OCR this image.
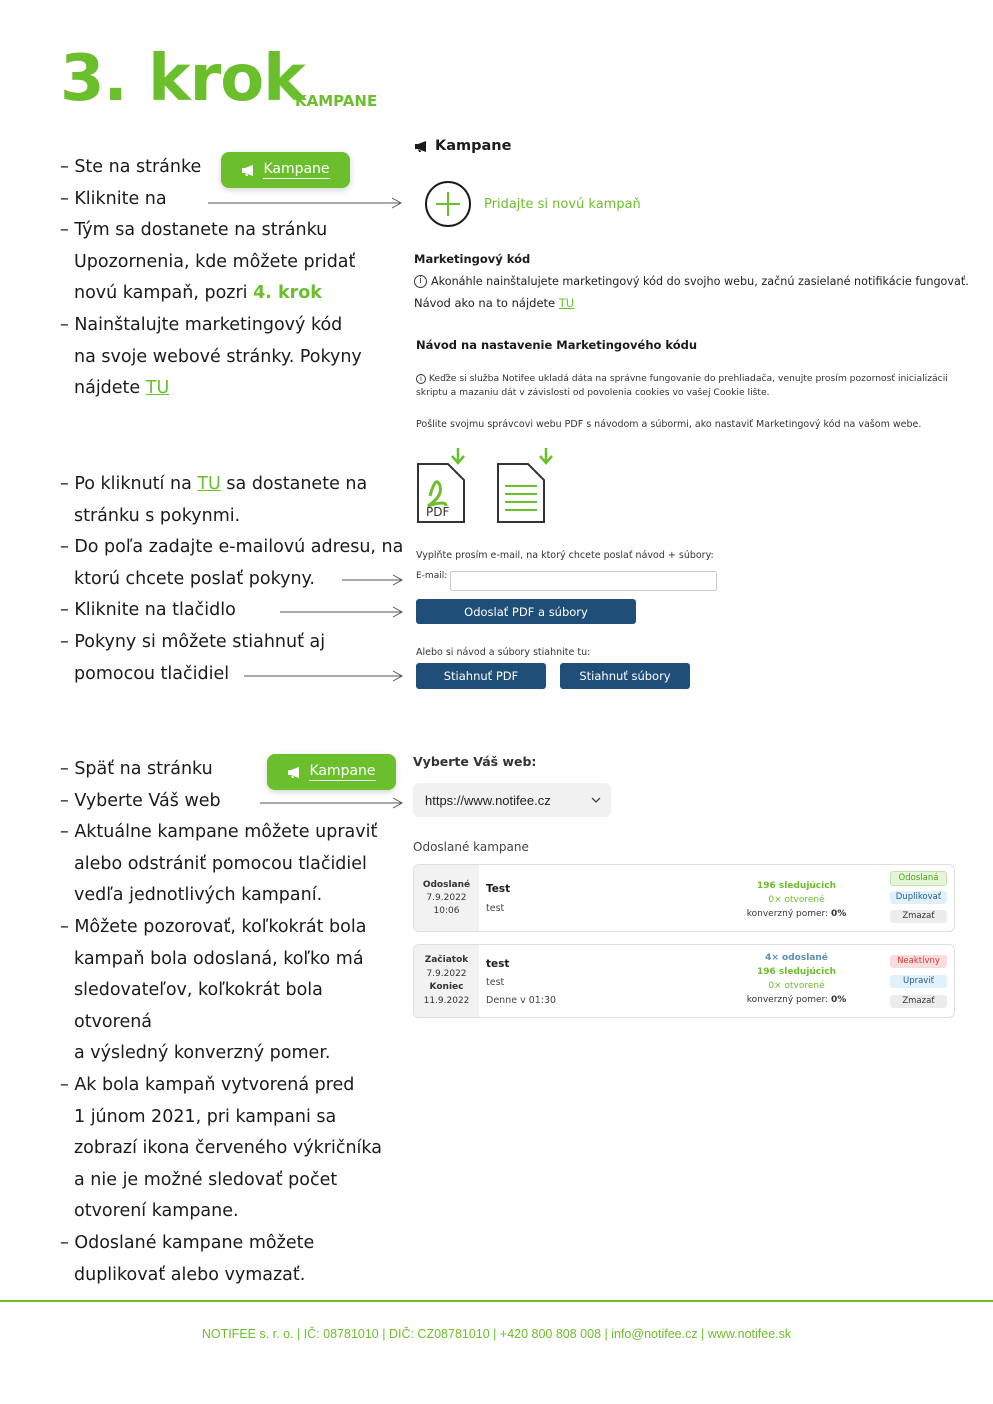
3. krok
KAMPANE
– Ste na stránke
– Kliknite na
– Tým sa dostanete na stránku
Upozornenia, kde môžete pridať
novú kampaň, pozri 4. krok
– Nainštalujte marketingový kód
na svoje webové stránky. Pokyny
nájdete TU
Kampane
Kampane
Pridajte si novú kampaň
Marketingový kód
i Akonáhle nainštalujete marketingový kód do svojho webu, začnú zasielané notifikácie fungovať.
Návod ako na to nájdete TU
– Po kliknutí na TU sa dostanete na
stránku s pokynmi.
– Do poľa zadajte e-mailovú adresu, na
ktorú chcete poslať pokyny.
– Kliknite na tlačidlo
– Pokyny si môžete stiahnuť aj
pomocou tlačidiel
Návod na nastavenie Marketingového kódu
i Keďže si služba Notifee ukladá dáta na správne fungovanie do prehliadača, venujte prosím pozornosť inicializácii
skriptu a mazaniu dát v závislosti od povolenia cookies vo vašej Cookie lište.
Pošlite svojmu správcovi webu PDF s návodom a súbormi, ako nastaviť Marketingový kód na vašom webe.
PDF
Vyplňte prosím e-mail, na ktorý chcete poslať návod + súbory:
E-mail:
Odoslať PDF a súbory
Alebo si návod a súbory stiahnite tu:
Stiahnuť PDF	Stiahnuť súbory
– Späť na stránku
– Vyberte Váš web
– Aktuálne kampane môžete upraviť
alebo odstrániť pomocou tlačidiel
vedľa jednotlivých kampaní.
– Môžete pozorovať, koľkokrát bola
kampaň bola odoslaná, koľko má
sledovateľov, koľkokrát bola otvorená
a výsledný konverzný pomer.
– Ak bola kampaň vytvorená pred
1 júnom 2021, pri kampani sa
zobrazí ikona červeného výkričníka
a nie je možné sledovať počet
otvorení kampane.
– Odoslané kampane môžete
duplikovať alebo vymazať.
Kampane
Vyberte Váš web:
https://www.notifee.cz
Odoslané kampane
Odoslané
7.9.2022
10:06
Test
test
196 sledujúcich
0× otvorené
konverzný pomer: 0%
Odoslaná
Duplikovať
Zmazať
Začiatok
7.9.2022
Koniec
11.9.2022
test
test
Denne v 01:30
4× odoslané
196 sledujúcich
0× otvorené
konverzný pomer: 0%
Neaktívny
Upraviť
Zmazať
NOTIFEE s. r. o. | IČ: 08781010 | DIČ: CZ08781010 | +420 800 808 008 | info@notifee.cz | www.notifee.sk
